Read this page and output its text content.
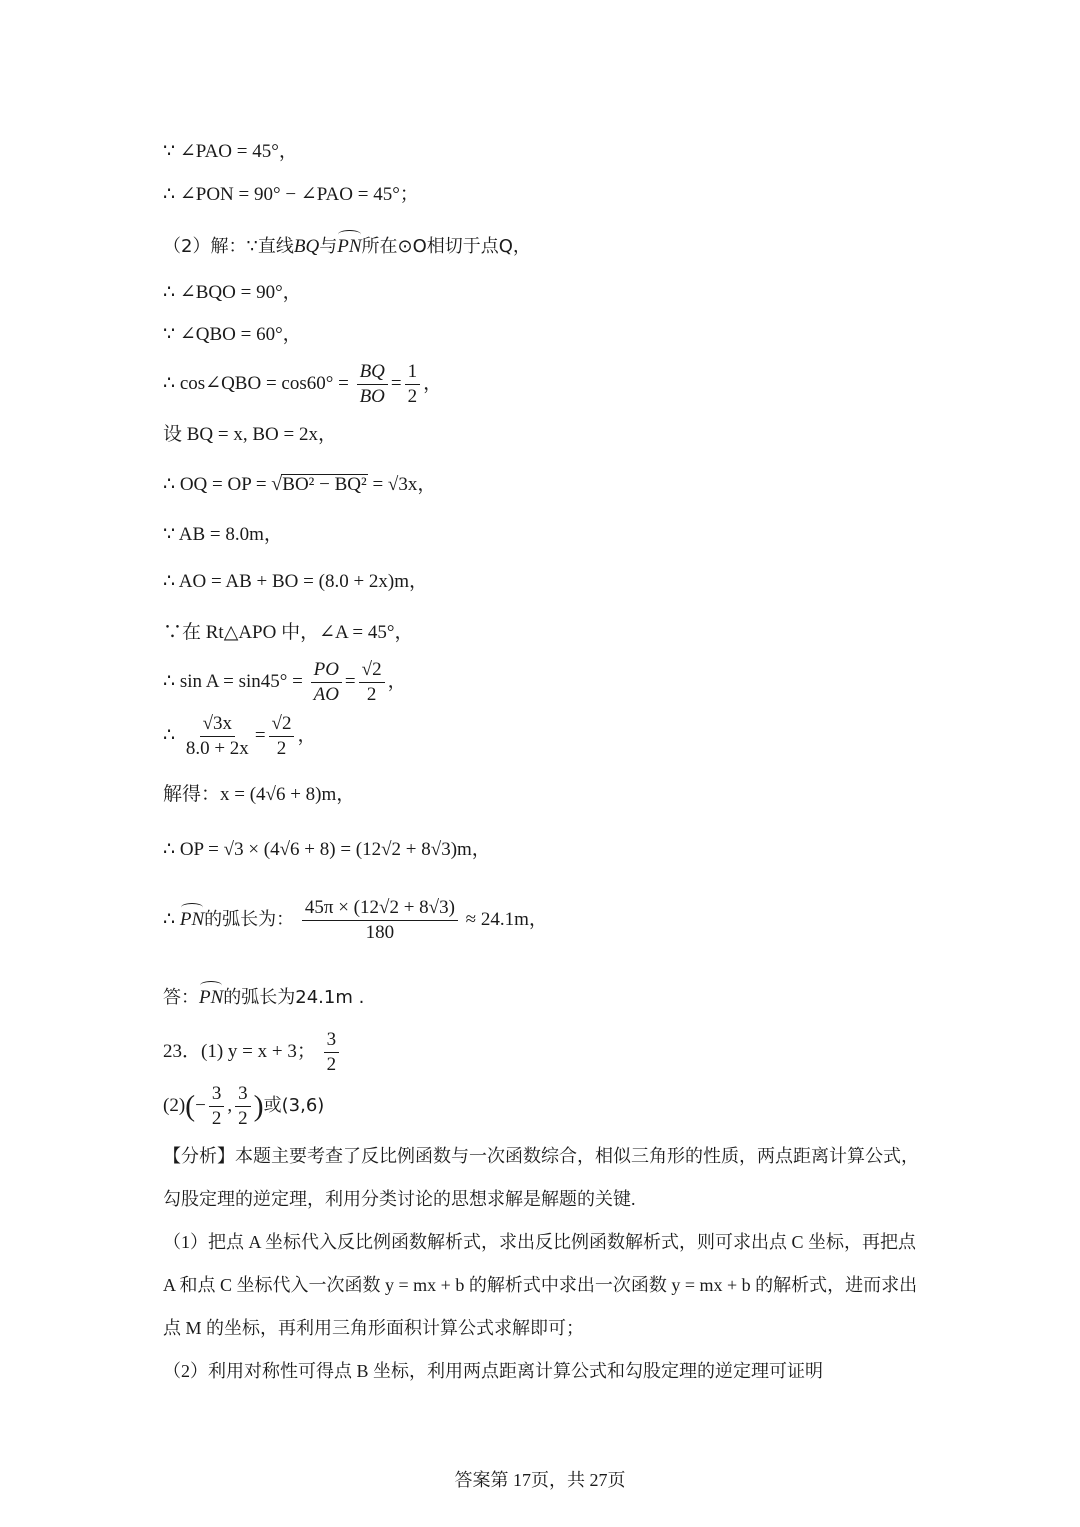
∵ ∠PAO = 45°，
∴ ∠PON = 90° − ∠PAO = 45°；
（2）解：∵直线BQ与PN所在⊙O相切于点Q，
∴ ∠BQO = 90°，
∵ ∠QBO = 60°，
∴ cos∠QBO = $\cos 60^\circ = \frac{BQ}{BO} = \frac{1}{2}$ ，
设 BQ = x, BO = 2x，
∴ OQ = OP = √BO² − BQ² = √3x，
∵ AB = 8.0m，
∴ AO = AB + BO = (8.0 + 2x)m，
∵在 Rt△APO 中，∠A = 45°，
∴ $\sin A = \sin 45^\circ = \frac{PO}{AO} = \frac{√2}{2}$ ，
∴ $\frac{√3x}{8.0 + 2x} = \frac{√2}{2}$ ，
解得：x = (4√6 + 8)m，
∴ OP = √3 × (4√6 + 8) = (12√2 + 8√3)m，
∴ PN的弧长为： $\frac{45\pi \times (12√2 + 8√3)}{180} \approx 24.1m$，
答：PN的弧长为24.1m .
23．(1) y = x + 3； $\frac{3}{2}$
$(2)(- \frac{3}{2}$ , $\frac{3}{2}$ )或(3,6)
【分析】本题主要考查了反比例函数与一次函数综合，相似三角形的性质，两点距离计算公式，勾股定理的逆定理，利用分类讨论的思想求解是解题的关键.
（1）把点 A 坐标代入反比例函数解析式，求出反比例函数解析式，则可求出点 C 坐标，再把点 A 和点 C 坐标代入一次函数 y = mx + b 的解析式中求出一次函数 y = mx + b 的解析式，进而求出点 M 的坐标，再利用三角形面积计算公式求解即可；
（2）利用对称性可得点 B 坐标，利用两点距离计算公式和勾股定理的逆定理可证明
答案第 17页，共 27页
